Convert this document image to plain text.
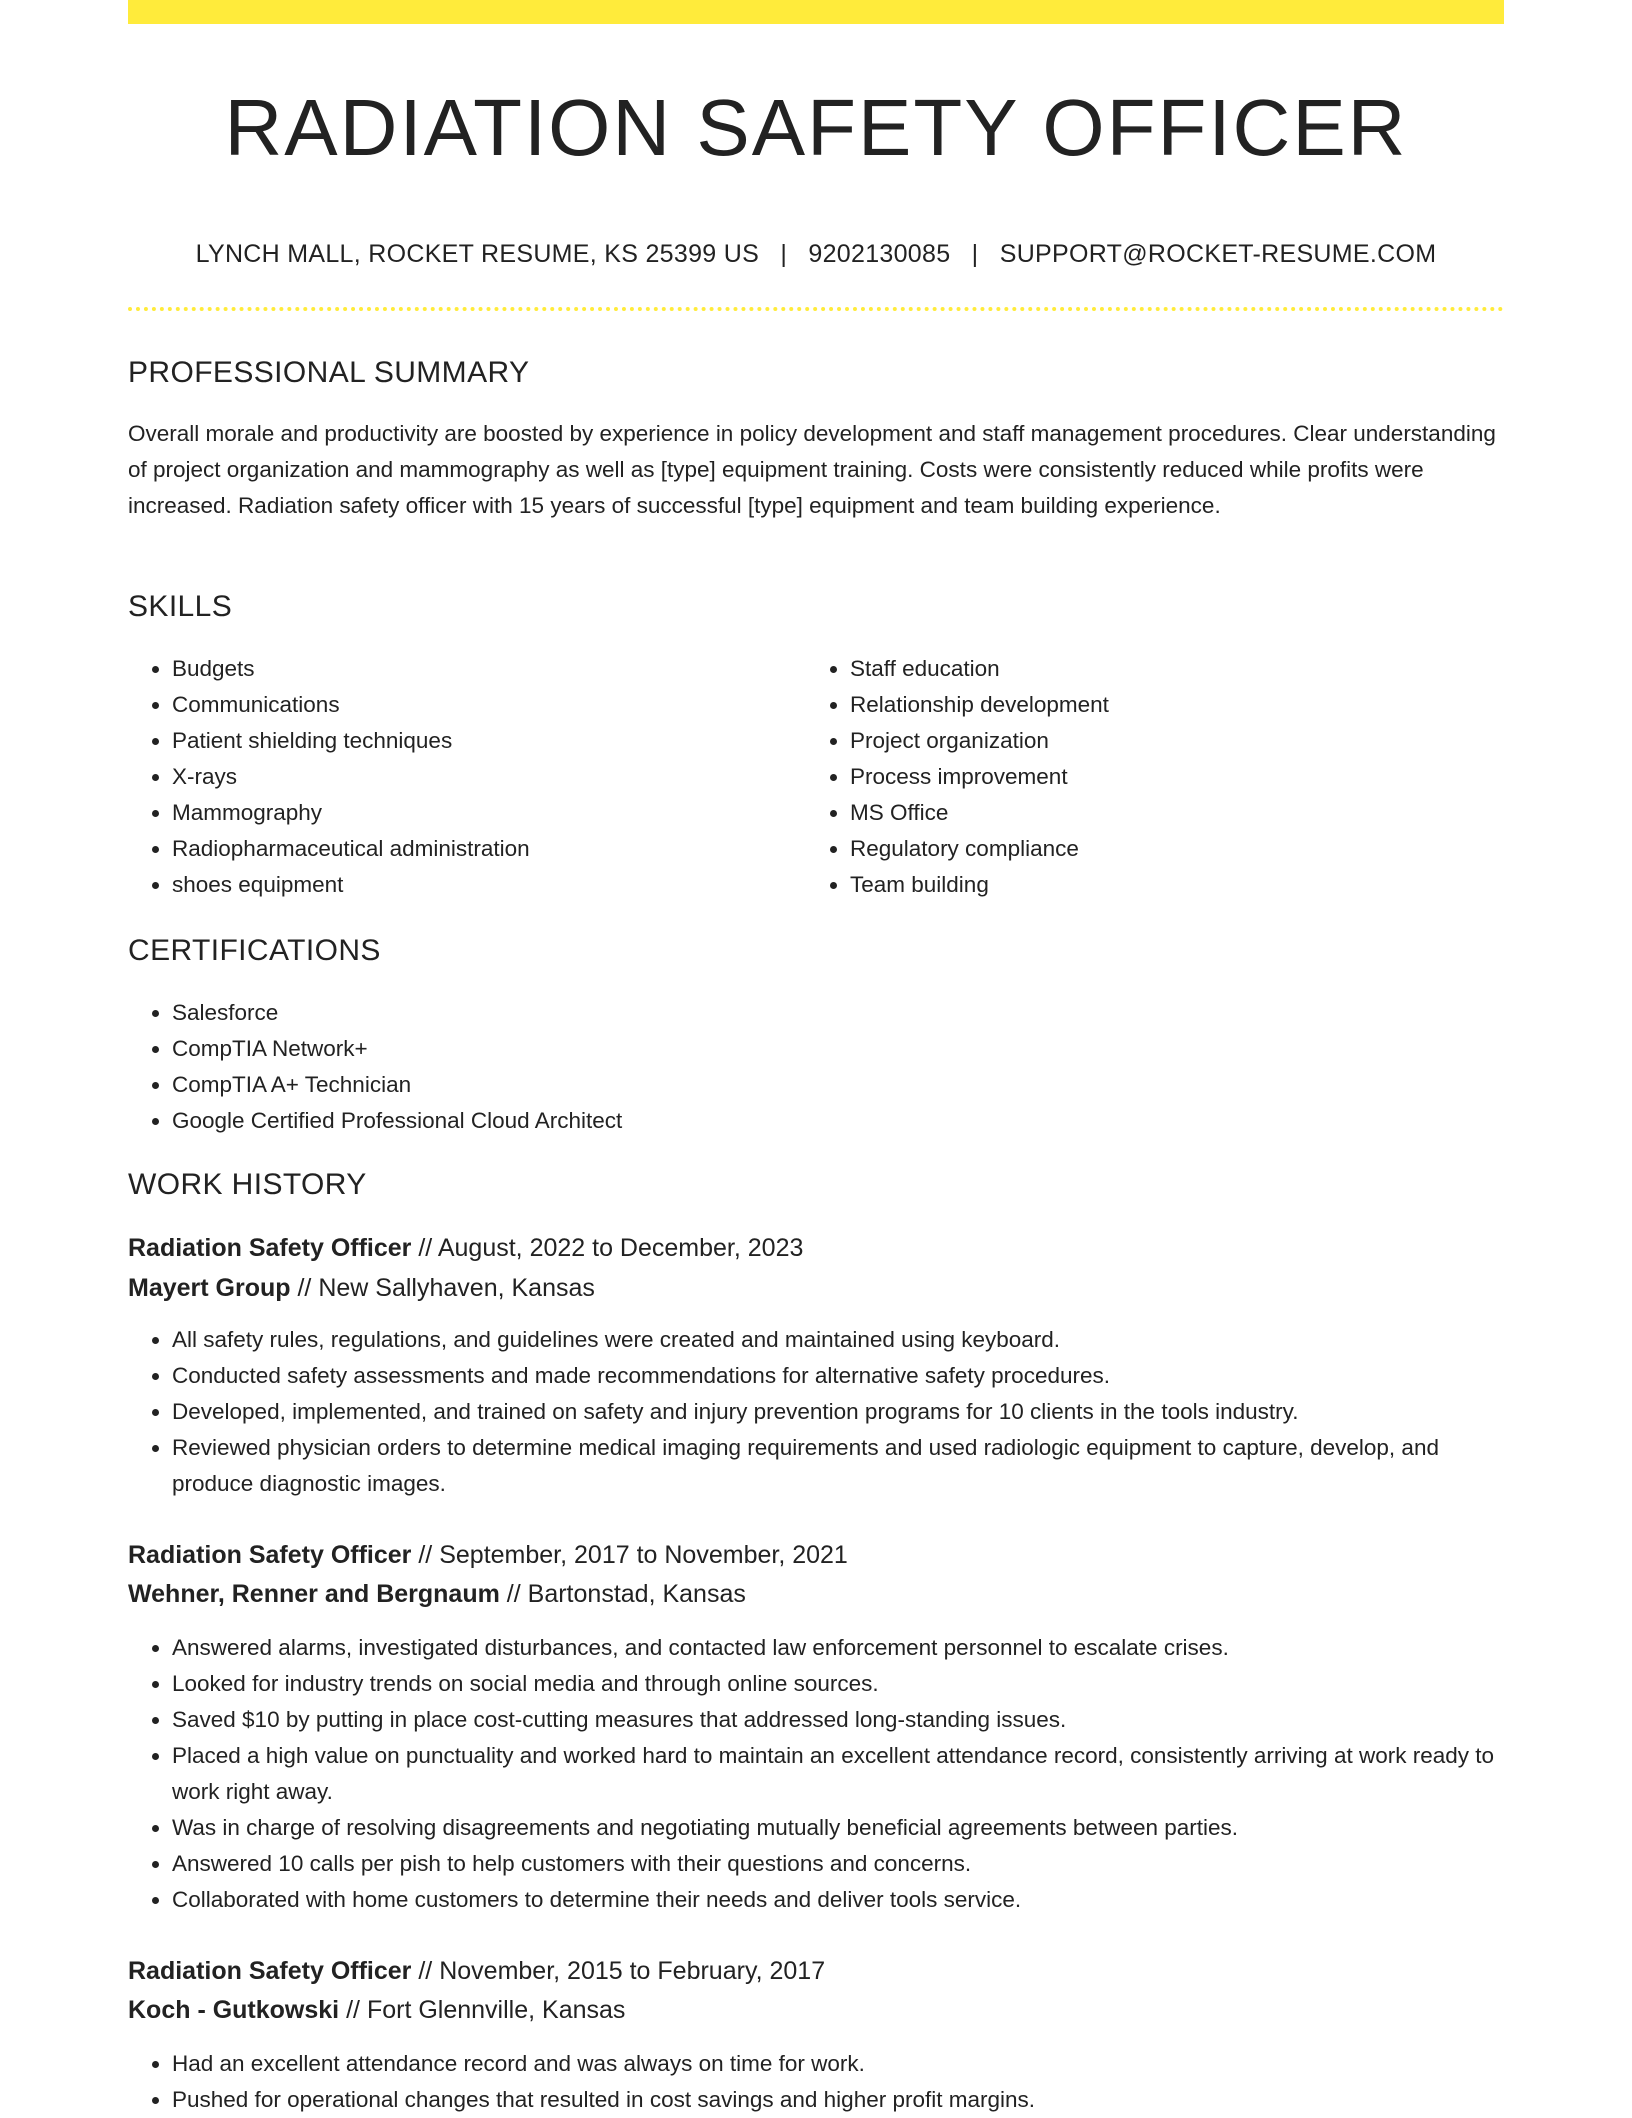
RADIATION SAFETY OFFICER
LYNCH MALL, ROCKET RESUME, KS 25399 US | 9202130085 | SUPPORT@ROCKET-RESUME.COM
PROFESSIONAL SUMMARY
Overall morale and productivity are boosted by experience in policy development and staff management procedures. Clear understanding of project organization and mammography as well as [type] equipment training. Costs were consistently reduced while profits were increased. Radiation safety officer with 15 years of successful [type] equipment and team building experience.
SKILLS
• Budgets
• Communications
• Patient shielding techniques
• X-rays
• Mammography
• Radiopharmaceutical administration
• shoes equipment
• Staff education
• Relationship development
• Project organization
• Process improvement
• MS Office
• Regulatory compliance
• Team building
CERTIFICATIONS
• Salesforce
• CompTIA Network+
• CompTIA A+ Technician
• Google Certified Professional Cloud Architect
WORK HISTORY
Radiation Safety Officer // August, 2022 to December, 2023
Mayert Group // New Sallyhaven, Kansas
• All safety rules, regulations, and guidelines were created and maintained using keyboard.
• Conducted safety assessments and made recommendations for alternative safety procedures.
• Developed, implemented, and trained on safety and injury prevention programs for 10 clients in the tools industry.
• Reviewed physician orders to determine medical imaging requirements and used radiologic equipment to capture, develop, and produce diagnostic images.
Radiation Safety Officer // September, 2017 to November, 2021
Wehner, Renner and Bergnaum // Bartonstad, Kansas
• Answered alarms, investigated disturbances, and contacted law enforcement personnel to escalate crises.
• Looked for industry trends on social media and through online sources.
• Saved $10 by putting in place cost-cutting measures that addressed long-standing issues.
• Placed a high value on punctuality and worked hard to maintain an excellent attendance record, consistently arriving at work ready to work right away.
• Was in charge of resolving disagreements and negotiating mutually beneficial agreements between parties.
• Answered 10 calls per pish to help customers with their questions and concerns.
• Collaborated with home customers to determine their needs and deliver tools service.
Radiation Safety Officer // November, 2015 to February, 2017
Koch - Gutkowski // Fort Glennville, Kansas
• Had an excellent attendance record and was always on time for work.
• Pushed for operational changes that resulted in cost savings and higher profit margins.
